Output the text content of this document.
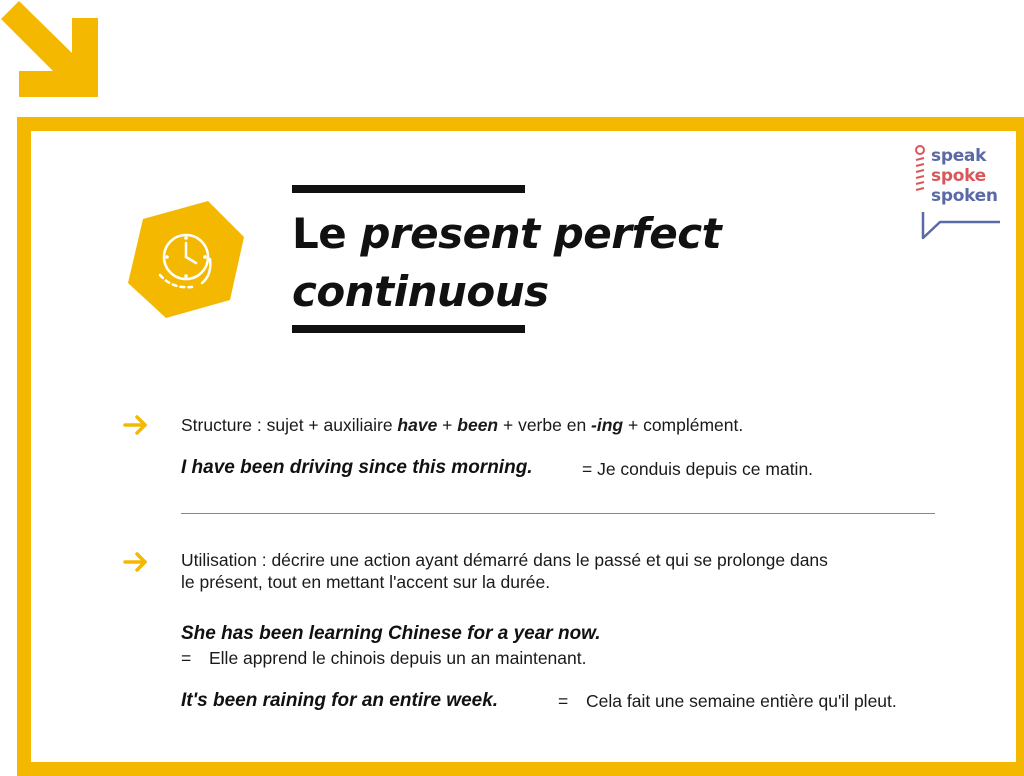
Le present perfect
continuous
speak
spoke
spoken
Structure : sujet + auxiliaire have + been + verbe en -ing + complément.
I have been driving since this morning.	= Je conduis depuis ce matin.
Utilisation : décrire une action ayant démarré dans le passé et qui se prolonge dans
le présent, tout en mettant l'accent sur la durée.
She has been learning Chinese for a year now.
= Elle apprend le chinois depuis un an maintenant.
It's been raining for an entire week.	= Cela fait une semaine entière qu'il pleut.
